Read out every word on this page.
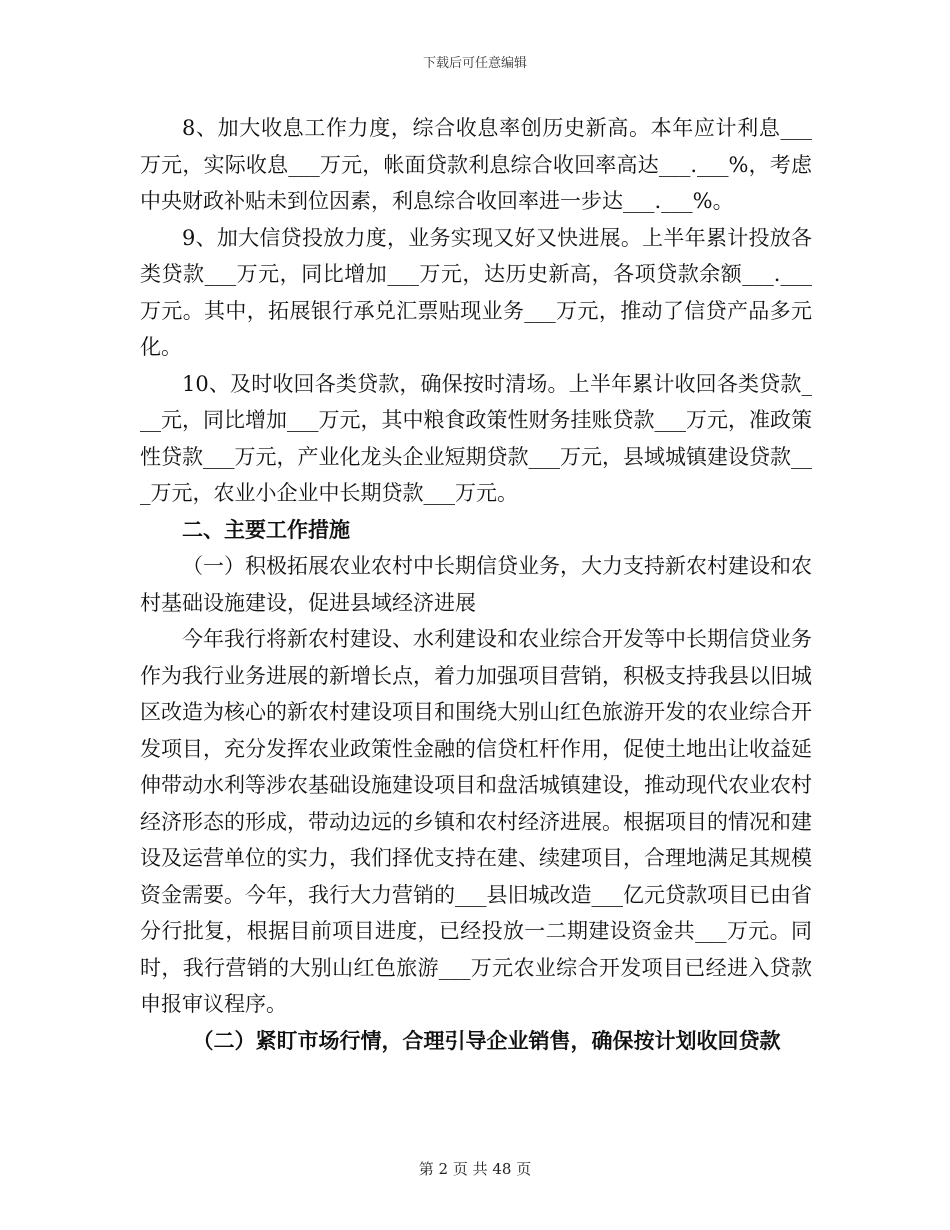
下载后可任意编辑

8、加大收息工作力度，综合收息率创历史新高。本年应计利息___万元，实际收息___万元，帐面贷款利息综合收回率高达___.___%，考虑中央财政补贴未到位因素，利息综合收回率进一步达___.___%。

9、加大信贷投放力度，业务实现又好又快进展。上半年累计投放各类贷款___万元，同比增加___万元，达历史新高，各项贷款余额___.___万元。其中，拓展银行承兑汇票贴现业务___万元，推动了信贷产品多元化。

10、及时收回各类贷款，确保按时清场。上半年累计收回各类贷款___元，同比增加___万元，其中粮食政策性财务挂账贷款___万元，准政策性贷款___万元，产业化龙头企业短期贷款___万元，县域城镇建设贷款___万元，农业小企业中长期贷款___万元。

二、主要工作措施

（一）积极拓展农业农村中长期信贷业务，大力支持新农村建设和农村基础设施建设，促进县域经济进展

今年我行将新农村建设、水利建设和农业综合开发等中长期信贷业务作为我行业务进展的新增长点，着力加强项目营销，积极支持我县以旧城区改造为核心的新农村建设项目和围绕大别山红色旅游开发的农业综合开发项目，充分发挥农业政策性金融的信贷杠杆作用，促使土地出让收益延伸带动水利等涉农基础设施建设项目和盘活城镇建设，推动现代农业农村经济形态的形成，带动边远的乡镇和农村经济进展。根据项目的情况和建设及运营单位的实力，我们择优支持在建、续建项目，合理地满足其规模资金需要。今年，我行大力营销的___县旧城改造___亿元贷款项目已由省分行批复，根据目前项目进度，已经投放一二期建设资金共___万元。同时，我行营销的大别山红色旅游___万元农业综合开发项目已经进入贷款申报审议程序。

（二）紧盯市场行情，合理引导企业销售，确保按计划收回贷款

第 2 页 共 48 页
